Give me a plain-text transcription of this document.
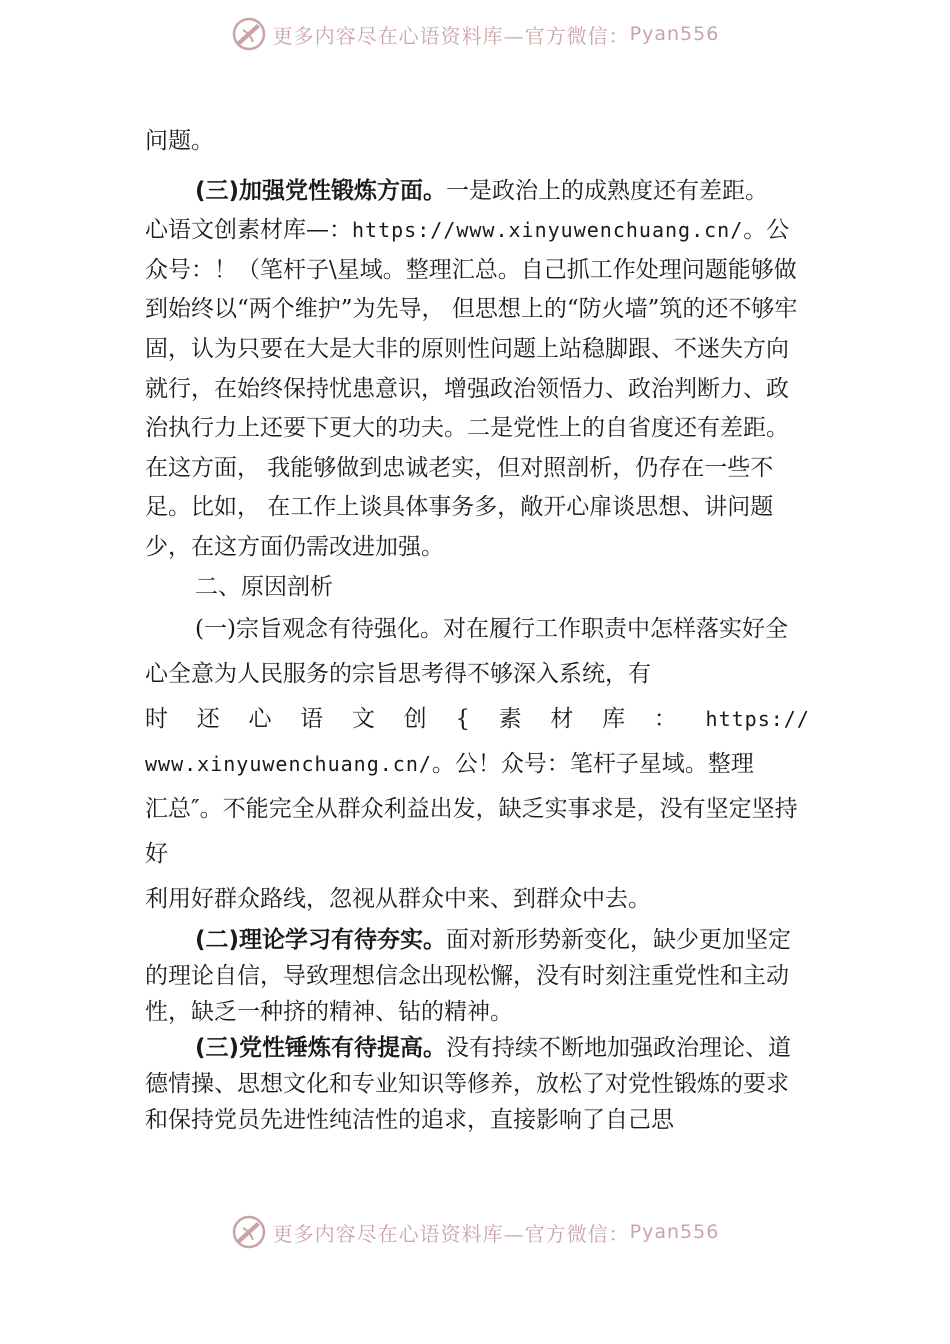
更多内容尽在心语资料库—官方微信： Pyan556

问题。

(三)加强党性锻炼方面。一是政治上的成熟度还有差距。

心语文创素材库—：https://www.xinyuwenchuang.cn/。公

众号：！（笔杆子\星域。整理汇总。自己抓工作处理问题能够做到始终以“两个维护”为先导， 但思想上的“防火墙”筑的还不够牢固，认为只要在大是大非的原则性问题上站稳脚跟、不迷失方向就行，在始终保持忧患意识，增强政治领悟力、政治判断力、政治执行力上还要下更大的功夫。二是党性上的自省度还有差距。在这方面， 我能够做到忠诚老实，但对照剖析，仍存在一些不足。比如， 在工作上谈具体事务多，敞开心扉谈思想、讲问题少，在这方面仍需改进加强。

二、原因剖析

(一)宗旨观念有待强化。对在履行工作职责中怎样落实好全心全意为人民服务的宗旨思考得不够深入系统，有

时 还 心 语 文 创 { 素 材 库 ： https://

www.xinyuwenchuang.cn/。公！众号：笔杆子星域。整理

汇总″。不能完全从群众利益出发，缺乏实事求是，没有坚定坚持好

利用好群众路线，忽视从群众中来、到群众中去。

(二)理论学习有待夯实。面对新形势新变化，缺少更加坚定的理论自信，导致理想信念出现松懈，没有时刻注重党性和主动性，缺乏一种挤的精神、钻的精神。

(三)党性锤炼有待提高。没有持续不断地加强政治理论、道德情操、思想文化和专业知识等修养，放松了对党性锻炼的要求和保持党员先进性纯洁性的追求，直接影响了自己思

更多内容尽在心语资料库—官方微信： Pyan556
